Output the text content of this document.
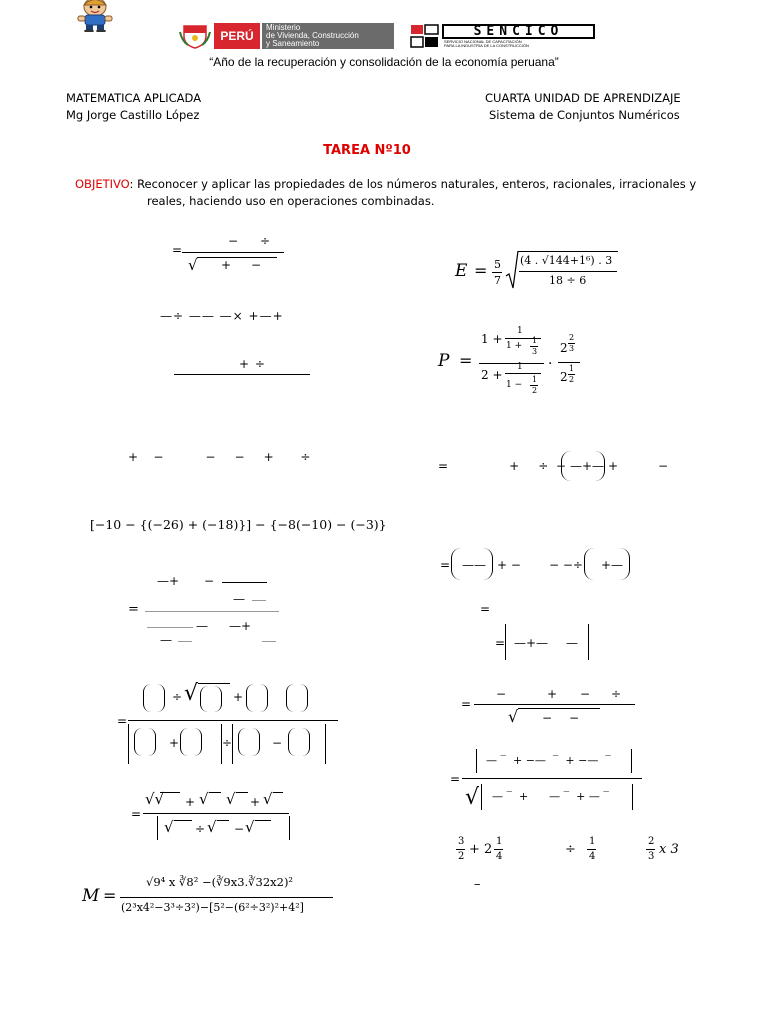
PERÚ
Ministerio
de Vivienda, Construcción
y Saneamiento
SENCICO
SERVICIO NACIONAL DE CAPACITACIÓN
PARA LA INDUSTRIA DE LA CONSTRUCCIÓN
“Año de la recuperación y consolidación de la economía peruana”
MATEMATICA APLICADA
Mg Jorge Castillo López
CUARTA UNIDAD DE APRENDIZAJE
Sistema de Conjuntos Numéricos
TAREA Nº10
OBJETIVO: Reconocer y aplicar las propiedades de los números naturales, enteros, racionales, irracionales y
reales, haciendo uso en operaciones combinadas.
=
− ÷
√ + −
—÷ —— —× +—+
+ ÷
+    −           −     −     +       ÷
[−10 − {(−26) + (−18)}] − {−8(−10) − (−3)}
—+ −
—
=
— —+
—
=
÷ √	+
+	÷	−
=
√√ + √ √ + √
√ ÷ √ − √
M =
√9⁴ x ∛8² −(∛9x3.∛32x2)²
(2³x4²−3³÷3²)−[5²−(6²÷3²)²+4²]
E = 5
7
(4 . √144+1⁶) . 3
18 ÷ 6
P =
1 +
1
1 +
1
3
2 +
1
1 −
1
2
·
2
2
3
2
1
2
=                +     ÷  − —+— +	−
= —— + − − −÷ +—
=
= —+— —
=
−	+ − ÷
√ − −
=
— ‾  + −—  ‾  + −—  ‾
√ — ‾  +      — ‾  + — ‾
3
2 + 2
1
4	÷
1
4
2
3 x 3
–
